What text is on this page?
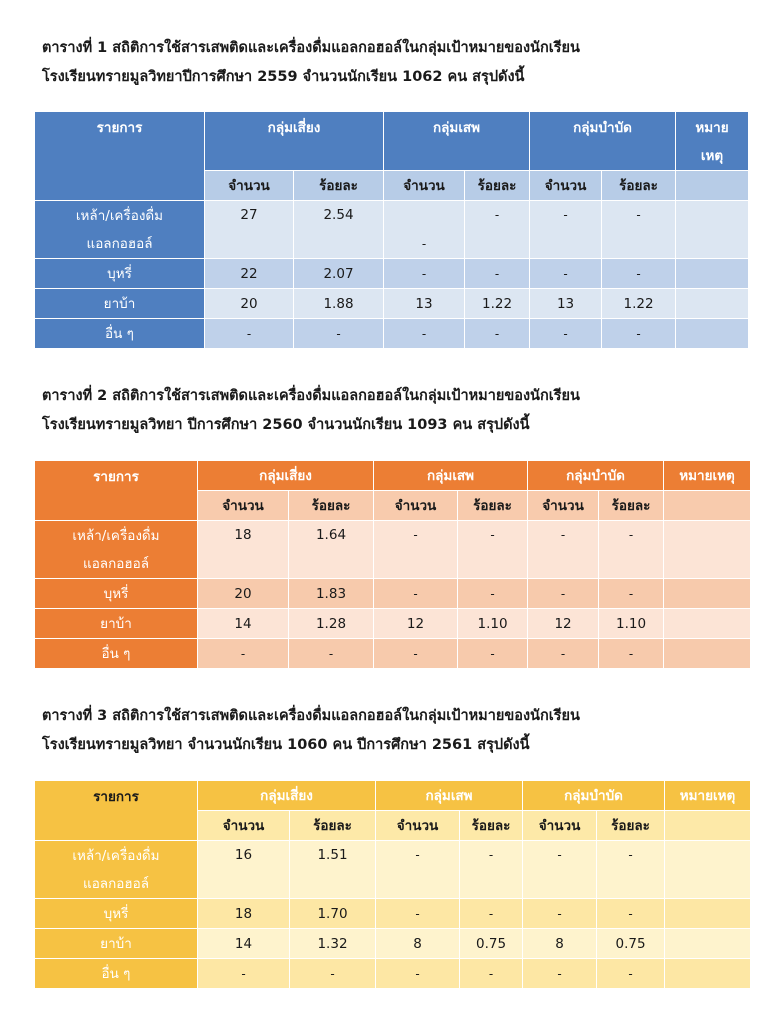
ตารางที่ 1 สถิติการใช้สารเสพติดและเครื่องดื่มแอลกอฮอล์ในกลุ่มเป้าหมายของนักเรียน
โรงเรียนทรายมูลวิทยาปีการศึกษา 2559 จำนวนนักเรียน 1062 คน สรุปดังนี้
รายการ	กลุ่มเสี่ยง		กลุ่มเสพ		กลุ่มบำบัด		หมาย
เหตุ

	จำนวน	ร้อยละ	จำนวน	ร้อยละ	จำนวน	ร้อยละ	

เหล้า/เครื่องดื่ม
แอลกอฮอล์	27	2.54	-	-	-	-	
บุหรี่	22	2.07	-	-	-	-	
ยาบ้า	20	1.88	13	1.22	13	1.22	
อื่น ๆ	-	-	-	-	-	-	
ตารางที่ 2 สถิติการใช้สารเสพติดและเครื่องดื่มแอลกอฮอล์ในกลุ่มเป้าหมายของนักเรียน
โรงเรียนทรายมูลวิทยา ปีการศึกษา 2560 จำนวนนักเรียน 1093 คน สรุปดังนี้
รายการ	กลุ่มเสี่ยง		กลุ่มเสพ		กลุ่มบำบัด		หมายเหตุ
	จำนวน	ร้อยละ	จำนวน	ร้อยละ	จำนวน	ร้อยละ	

เหล้า/เครื่องดื่ม
แอลกอฮอล์	18	1.64	-	-	-	-	
บุหรี่	20	1.83	-	-	-	-	
ยาบ้า	14	1.28	12	1.10	12	1.10	
อื่น ๆ	-	-	-	-	-	-	
ตารางที่ 3 สถิติการใช้สารเสพติดและเครื่องดื่มแอลกอฮอล์ในกลุ่มเป้าหมายของนักเรียน
โรงเรียนทรายมูลวิทยา จำนวนนักเรียน 1060 คน ปีการศึกษา 2561 สรุปดังนี้
รายการ	กลุ่มเสี่ยง		กลุ่มเสพ		กลุ่มบำบัด		หมายเหตุ
	จำนวน	ร้อยละ	จำนวน	ร้อยละ	จำนวน	ร้อยละ	

เหล้า/เครื่องดื่ม
แอลกอฮอล์	16	1.51	-	-	-	-	
บุหรี่	18	1.70	-	-	-	-	
ยาบ้า	14	1.32	8	0.75	8	0.75	
อื่น ๆ	-	-	-	-	-	-	
